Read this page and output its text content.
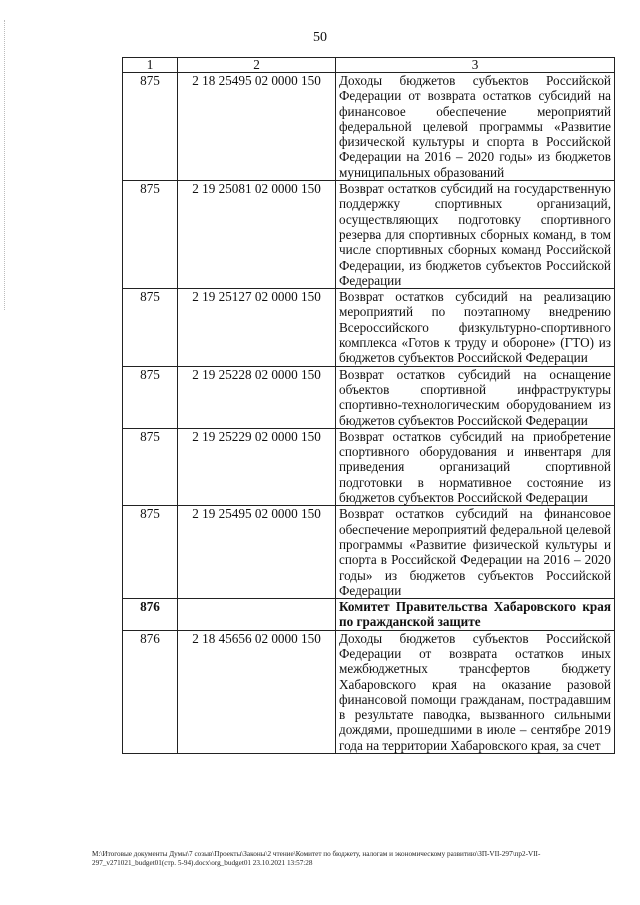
50
1	2	3
875	2 18 25495 02 0000 150	Доходы бюджетов субъектов Российской Федерации от возврата остатков субсидий на финансовое обеспечение мероприятий федеральной целевой программы «Развитие физической культуры и спорта в Российской Федерации на 2016 – 2020 годы» из бюджетов муниципальных образований
875	2 19 25081 02 0000 150	Возврат остатков субсидий на государственную поддержку спортивных организаций, осуществляющих подготовку спортивного резерва для спортивных сборных команд, в том числе спортивных сборных команд Российской Федерации, из бюджетов субъектов Российской Федерации
875	2 19 25127 02 0000 150	Возврат остатков субсидий на реализацию мероприятий по поэтапному внедрению Всероссийского физкультурно-спортивного комплекса «Готов к труду и обороне» (ГТО) из бюджетов субъектов Российской Федерации
875	2 19 25228 02 0000 150	Возврат остатков субсидий на оснащение объектов спортивной инфраструктуры спортивно-технологическим оборудованием из бюджетов субъектов Российской Федерации
875	2 19 25229 02 0000 150	Возврат остатков субсидий на приобретение спортивного оборудования и инвентаря для приведения организаций спортивной подготовки в нормативное состояние из бюджетов субъектов Российской Федерации
875	2 19 25495 02 0000 150	Возврат остатков субсидий на финансовое обеспечение мероприятий федеральной целевой программы «Развитие физической культуры и спорта в Российской Федерации на 2016 – 2020 годы» из бюджетов субъектов Российской Федерации
876		Комитет Правительства Хабаровского края по гражданской защите
876	2 18 45656 02 0000 150	Доходы бюджетов субъектов Российской Федерации от возврата остатков иных межбюджетных трансфертов бюджету Хабаровского края на оказание разовой финансовой помощи гражданам, пострадавшим в результате паводка, вызванного сильными дождями, прошедшими в июле – сентябре 2019 года на территории Хабаровского края, за счет
M:\Итоговые документы Думы\7 созыв\Проекты\Законы\2 чтение\Комитет по бюджету, налогам и экономическому развитию\ЗП-VII-297\пр2-VII-297_v271021_budget01(стр. 5-94).docx\org_budget01 23.10.2021 13:57:28
